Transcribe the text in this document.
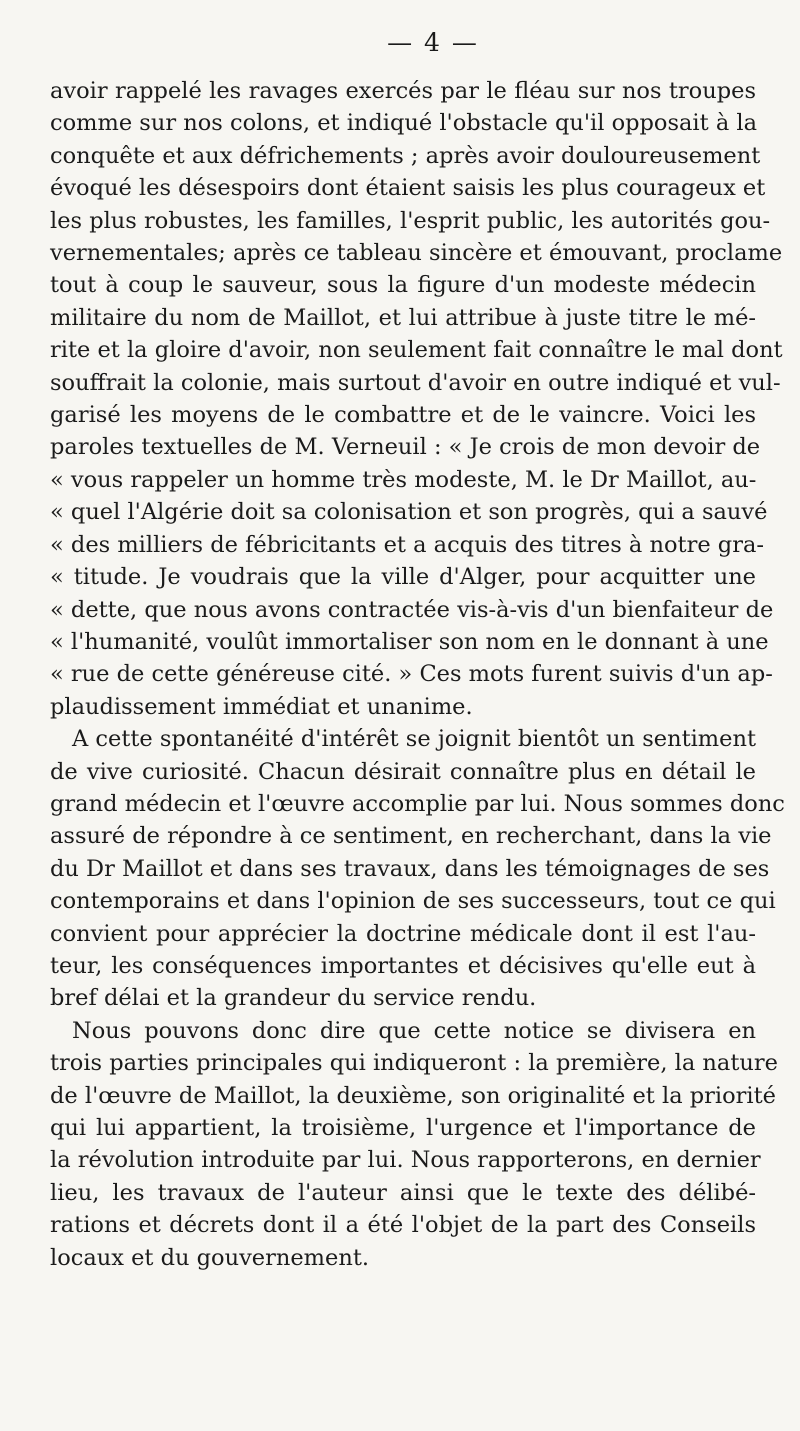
— 4 —
avoir rappelé les ravages exercés par le fléau sur nos troupes
comme sur nos colons, et indiqué l'obstacle qu'il opposait à la
conquête et aux défrichements ; après avoir douloureusement
évoqué les désespoirs dont étaient saisis les plus courageux et
les plus robustes, les familles, l'esprit public, les autorités gou-
vernementales; après ce tableau sincère et émouvant, proclame
tout à coup le sauveur, sous la figure d'un modeste médecin
militaire du nom de Maillot, et lui attribue à juste titre le mé-
rite et la gloire d'avoir, non seulement fait connaître le mal dont
souffrait la colonie, mais surtout d'avoir en outre indiqué et vul-
garisé les moyens de le combattre et de le vaincre. Voici les
paroles textuelles de M. Verneuil : « Je crois de mon devoir de
« vous rappeler un homme très modeste, M. le Dr Maillot, au-
« quel l'Algérie doit sa colonisation et son progrès, qui a sauvé
« des milliers de fébricitants et a acquis des titres à notre gra-
« titude. Je voudrais que la ville d'Alger, pour acquitter une
« dette, que nous avons contractée vis-à-vis d'un bienfaiteur de
« l'humanité, voulût immortaliser son nom en le donnant à une
« rue de cette généreuse cité. » Ces mots furent suivis d'un ap-
plaudissement immédiat et unanime.
A cette spontanéité d'intérêt se joignit bientôt un sentiment
de vive curiosité. Chacun désirait connaître plus en détail le
grand médecin et l'œuvre accomplie par lui. Nous sommes donc
assuré de répondre à ce sentiment, en recherchant, dans la vie
du Dr Maillot et dans ses travaux, dans les témoignages de ses
contemporains et dans l'opinion de ses successeurs, tout ce qui
convient pour apprécier la doctrine médicale dont il est l'au-
teur, les conséquences importantes et décisives qu'elle eut à
bref délai et la grandeur du service rendu.
Nous pouvons donc dire que cette notice se divisera en
trois parties principales qui indiqueront : la première, la nature
de l'œuvre de Maillot, la deuxième, son originalité et la priorité
qui lui appartient, la troisième, l'urgence et l'importance de
la révolution introduite par lui. Nous rapporterons, en dernier
lieu, les travaux de l'auteur ainsi que le texte des délibé-
rations et décrets dont il a été l'objet de la part des Conseils
locaux et du gouvernement.
